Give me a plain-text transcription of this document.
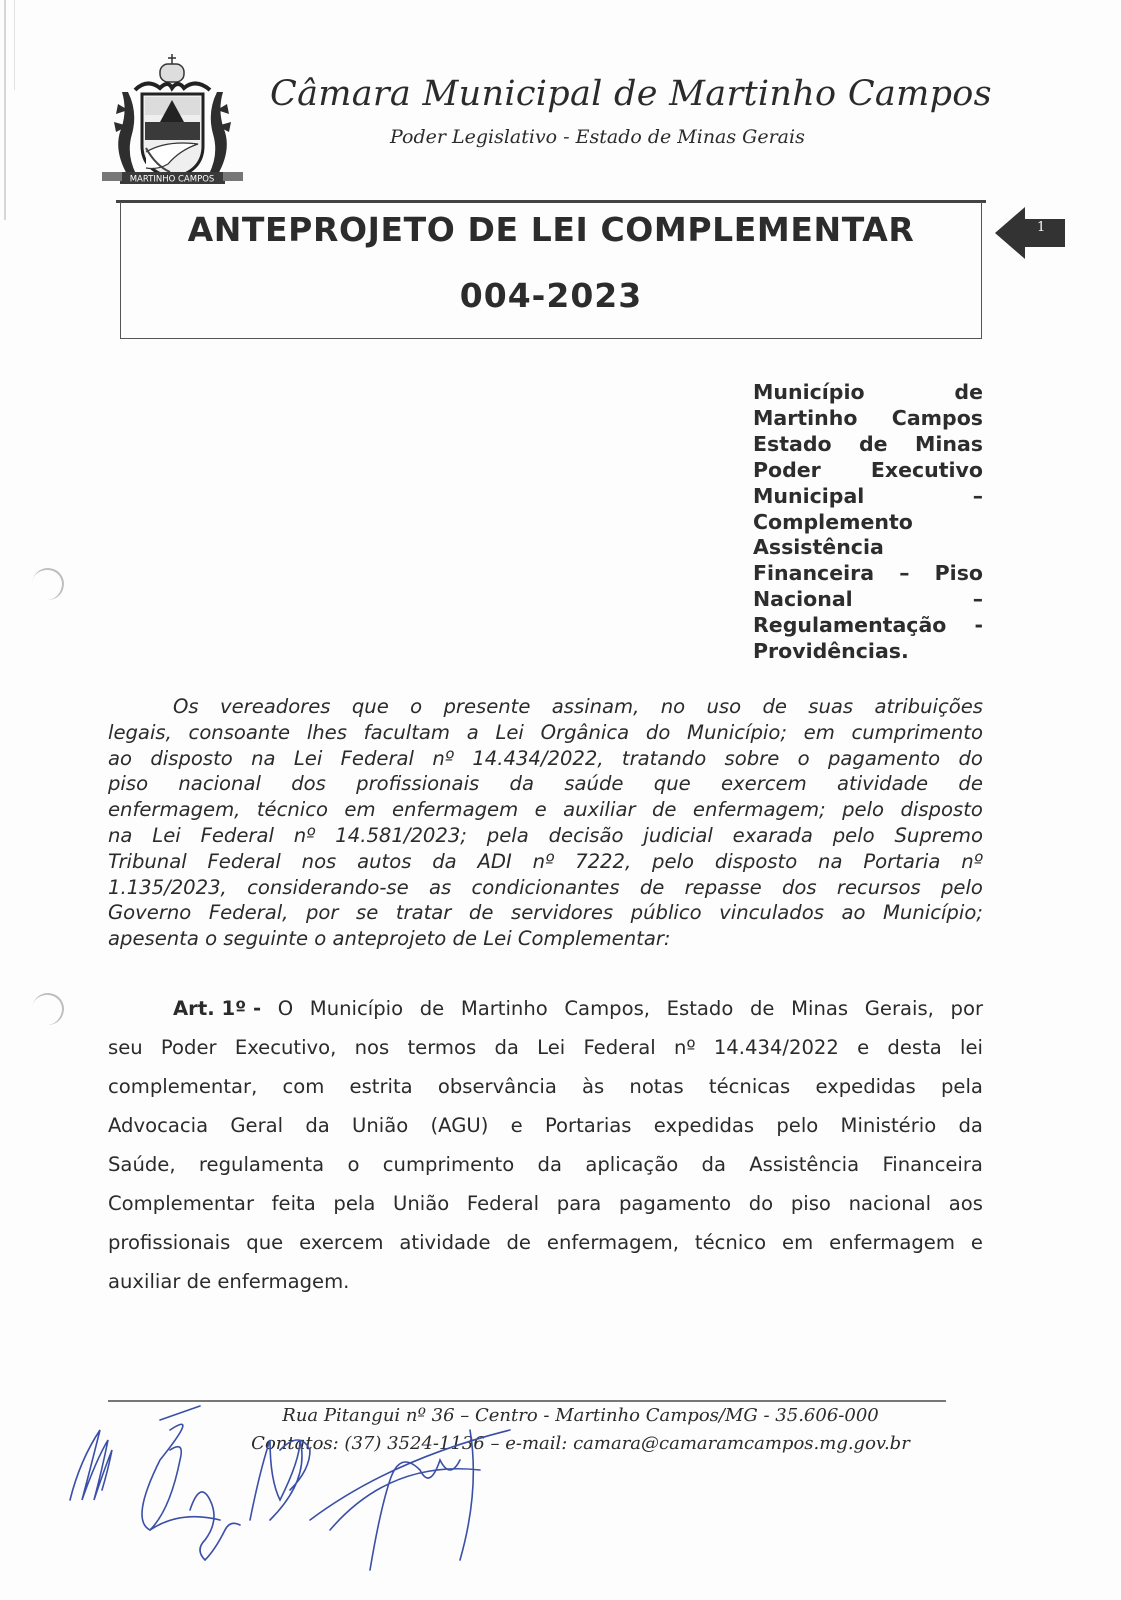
MARTINHO CAMPOS
Câmara Municipal de Martinho Campos
Poder Legislativo - Estado de Minas Gerais
ANTEPROJETO DE LEI COMPLEMENTAR
004-2023
1
Município	de
Martinho Campos
Estado de Minas
Poder Executivo
Municipal	–
Complemento
Assistência
Financeira – Piso
Nacional	–
Regulamentação -
Providências.
Os vereadores que o presente assinam, no uso de suas atribuições
legais, consoante lhes facultam a Lei Orgânica do Município; em cumprimento
ao disposto na Lei Federal nº 14.434/2022, tratando sobre o pagamento do
piso nacional dos profissionais da saúde que exercem atividade de
enfermagem, técnico em enfermagem e auxiliar de enfermagem; pelo disposto
na Lei Federal nº 14.581/2023; pela decisão judicial exarada pelo Supremo
Tribunal Federal nos autos da ADI nº 7222, pelo disposto na Portaria nº
1.135/2023, considerando-se as condicionantes de repasse dos recursos pelo
Governo Federal, por se tratar de servidores público vinculados ao Município;
apesenta o seguinte o anteprojeto de Lei Complementar:
Art. 1º - O Município de Martinho Campos, Estado de Minas Gerais, por
seu Poder Executivo, nos termos da Lei Federal nº 14.434/2022 e desta lei
complementar, com estrita observância às notas técnicas expedidas pela
Advocacia Geral da União (AGU) e Portarias expedidas pelo Ministério da
Saúde, regulamenta o cumprimento da aplicação da Assistência Financeira
Complementar feita pela União Federal para pagamento do piso nacional aos
profissionais que exercem atividade de enfermagem, técnico em enfermagem e
auxiliar de enfermagem.
Rua Pitangui nº 36 – Centro - Martinho Campos/MG - 35.606-000
Contatos: (37) 3524-1136 – e-mail: camara@camaramcampos.mg.gov.br
